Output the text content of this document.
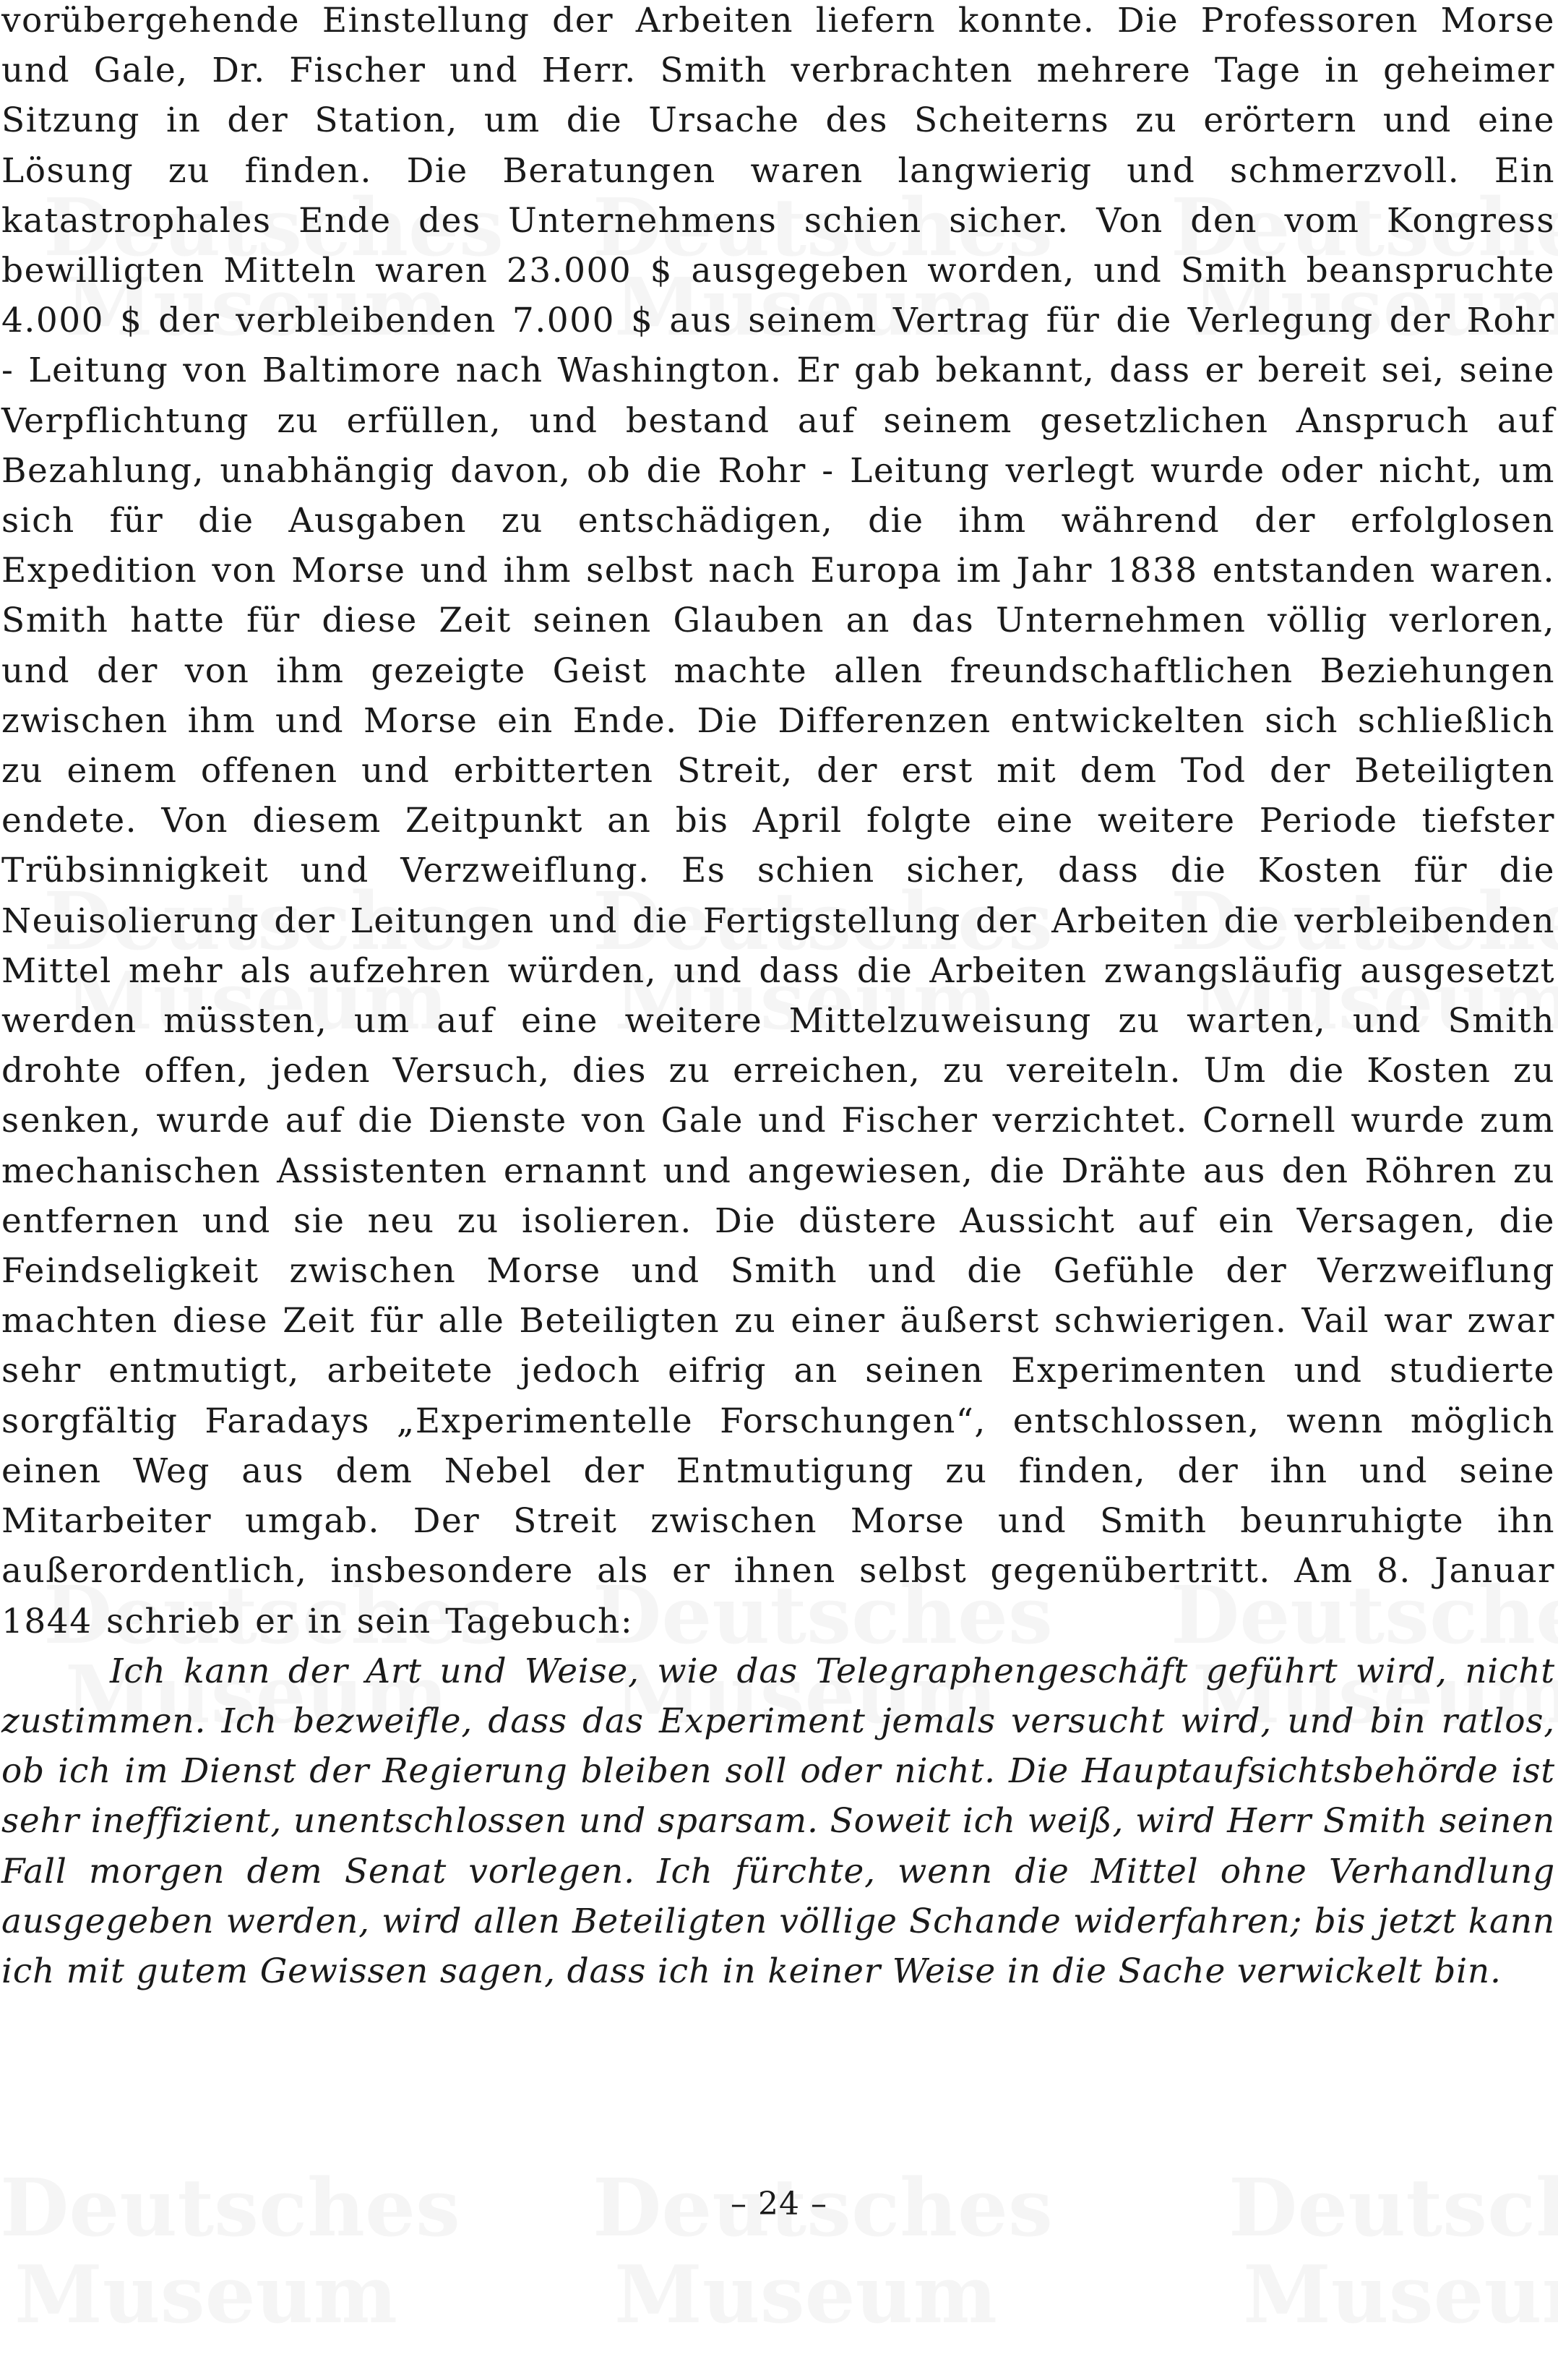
vorübergehende Einstellung der Arbeiten liefern konnte. Die Professoren Morse und Gale, Dr. Fischer und Herr. Smith verbrachten mehrere Tage in geheimer Sitzung in der Station, um die Ursache des Scheiterns zu erörtern und eine Lösung zu finden. Die Beratungen waren langwierig und schmerzvoll. Ein katastrophales Ende des Unternehmens schien sicher. Von den vom Kongress bewilligten Mitteln waren 23.000 $ ausgegeben worden, und Smith beanspruchte 4.000 $ der verbleibenden 7.000 $ aus seinem Vertrag für die Verlegung der Rohr - Leitung von Baltimore nach Washington. Er gab bekannt, dass er bereit sei, seine Verpflichtung zu erfüllen, und bestand auf seinem gesetzlichen Anspruch auf Bezahlung, unabhängig davon, ob die Rohr - Leitung verlegt wurde oder nicht, um sich für die Ausgaben zu entschädigen, die ihm während der erfolglosen Expedition von Morse und ihm selbst nach Europa im Jahr 1838 entstanden waren. Smith hatte für diese Zeit seinen Glauben an das Unternehmen völlig verloren, und der von ihm gezeigte Geist machte allen freundschaftlichen Beziehungen zwischen ihm und Morse ein Ende. Die Differenzen entwickelten sich schließlich zu einem offenen und erbitterten Streit, der erst mit dem Tod der Beteiligten endete. Von diesem Zeitpunkt an bis April folgte eine weitere Periode tiefster Trübsinnigkeit und Verzweiflung. Es schien sicher, dass die Kosten für die Neuisolierung der Leitungen und die Fertigstellung der Arbeiten die verbleibenden Mittel mehr als aufzehren würden, und dass die Arbeiten zwangsläufig ausgesetzt werden müssten, um auf eine weitere Mittelzuweisung zu warten, und Smith drohte offen, jeden Versuch, dies zu erreichen, zu vereiteln. Um die Kosten zu senken, wurde auf die Dienste von Gale und Fischer verzichtet. Cornell wurde zum mechanischen Assistenten ernannt und angewiesen, die Drähte aus den Röhren zu entfernen und sie neu zu isolieren. Die düstere Aussicht auf ein Versagen, die Feindseligkeit zwischen Morse und Smith und die Gefühle der Verzweiflung machten diese Zeit für alle Beteiligten zu einer äußerst schwierigen. Vail war zwar sehr entmutigt, arbeitete jedoch eifrig an seinen Experimenten und studierte sorgfältig Faradays „Experimentelle Forschungen“, entschlossen, wenn möglich einen Weg aus dem Nebel der Entmutigung zu finden, der ihn und seine Mitarbeiter umgab. Der Streit zwischen Morse und Smith beunruhigte ihn außerordentlich, insbesondere als er ihnen selbst gegenübertritt. Am 8. Januar 1844 schrieb er in sein Tagebuch:

Ich kann der Art und Weise, wie das Telegraphengeschäft geführt wird, nicht zustimmen. Ich bezweifle, dass das Experiment jemals versucht wird, und bin ratlos, ob ich im Dienst der Regierung bleiben soll oder nicht. Die Hauptaufsichtsbehörde ist sehr ineffizient, unentschlossen und sparsam. Soweit ich weiß, wird Herr Smith seinen Fall morgen dem Senat vorlegen. Ich fürchte, wenn die Mittel ohne Verhandlung ausgegeben werden, wird allen Beteiligten völlige Schande widerfahren; bis jetzt kann ich mit gutem Gewissen sagen, dass ich in keiner Weise in die Sache verwickelt bin.

– 24 –
